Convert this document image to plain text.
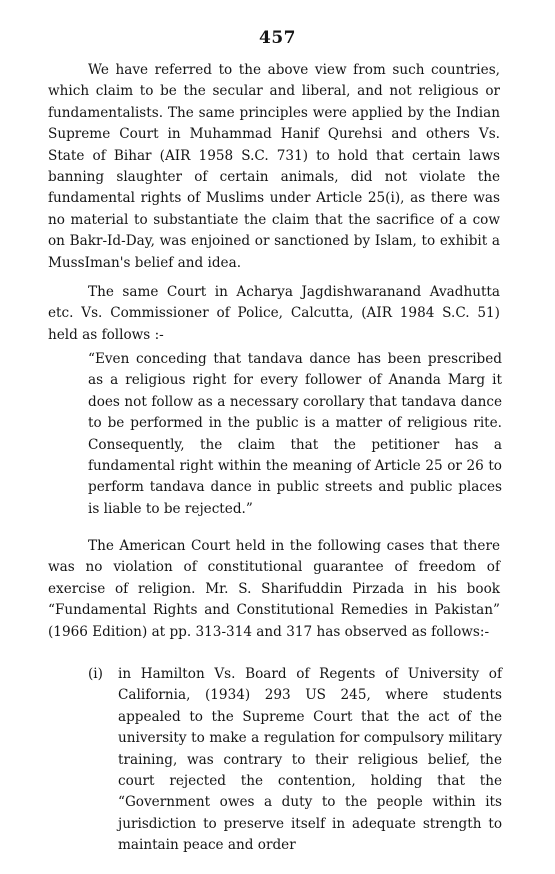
457

We have referred to the above view from such countries, which claim to be the secular and liberal, and not religious or fundamentalists. The same principles were applied by the Indian Supreme Court in Muhammad Hanif Qurehsi and others Vs. State of Bihar (AIR 1958 S.C. 731) to hold that certain laws banning slaughter of certain animals, did not violate the fundamental rights of Muslims under Article 25(i), as there was no material to substantiate the claim that the sacrifice of a cow on Bakr-Id-Day, was enjoined or sanctioned by Islam, to exhibit a MussIman's belief and idea.

The same Court in Acharya Jagdishwaranand Avadhutta etc. Vs. Commissioner of Police, Calcutta, (AIR 1984 S.C. 51) held as follows :-

“Even conceding that tandava dance has been prescribed as a religious right for every follower of Ananda Marg it does not follow as a necessary corollary that tandava dance to be performed in the public is a matter of religious rite. Consequently, the claim that the petitioner has a fundamental right within the meaning of Article 25 or 26 to perform tandava dance in public streets and public places is liable to be rejected.”

The American Court held in the following cases that there was no violation of constitutional guarantee of freedom of exercise of religion. Mr. S. Sharifuddin Pirzada in his book “Fundamental Rights and Constitutional Remedies in Pakistan” (1966 Edition) at pp. 313-314 and 317 has observed as follows:-

(i)	in Hamilton Vs. Board of Regents of University of California, (1934) 293 US 245, where students appealed to the Supreme Court that the act of the university to make a regulation for compulsory military training, was contrary to their religious belief, the court rejected the contention, holding that the “Government owes a duty to the people within its jurisdiction to preserve itself in adequate strength to maintain peace and order
